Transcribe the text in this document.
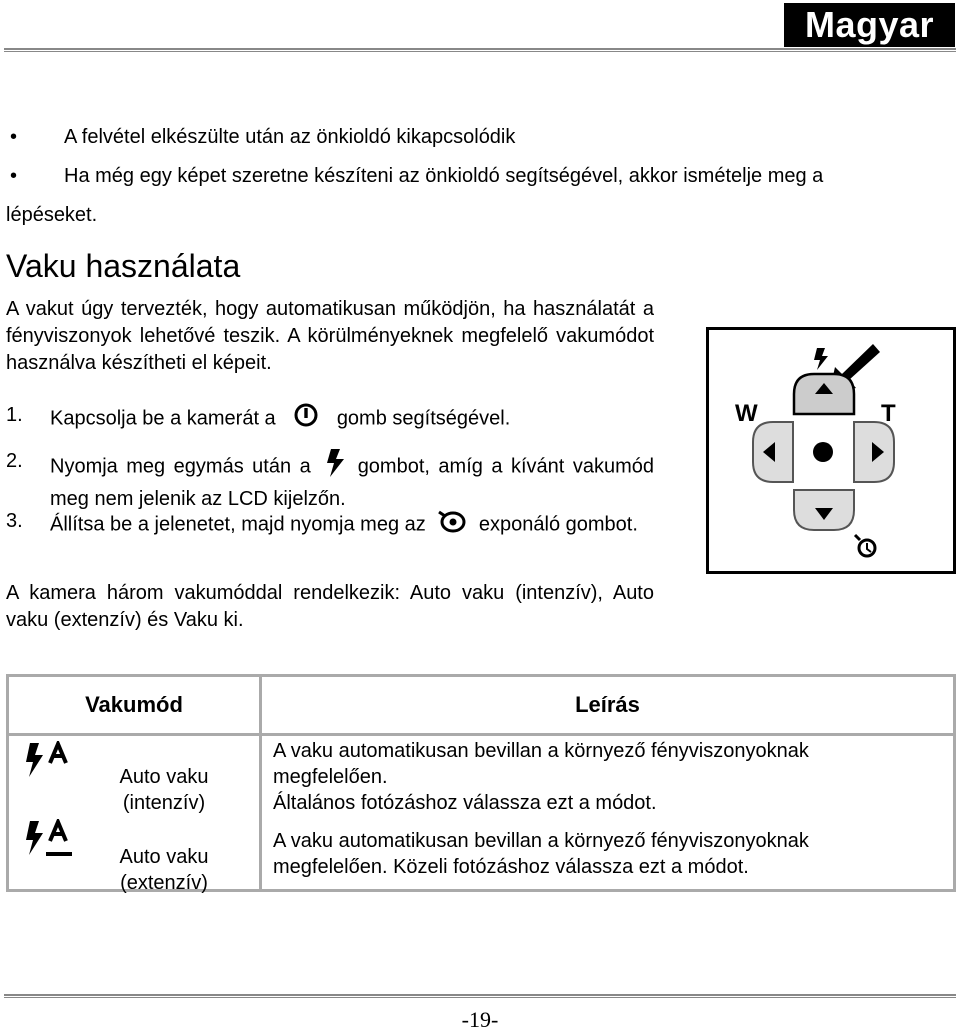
Magyar
• A felvétel elkészülte után az önkioldó kikapcsolódik
• Ha még egy képet szeretne készíteni az önkioldó segítségével, akkor ismételje meg a
lépéseket.
Vaku használata
A vakut úgy tervezték, hogy automatikusan működjön, ha használatát a fényviszonyok lehetővé teszik. A körülményeknek megfelelő vakumódot használva készítheti el képeit.
1. Kapcsolja be a kamerát a	gomb segítségével.
2. Nyomja meg egymás után a gombot, amíg a kívánt vakumód meg nem jelenik az LCD kijelzőn.
3. Állítsa be a jelenetet, majd nyomja meg az	exponáló gombot.
A kamera három vakumóddal rendelkezik: Auto vaku (intenzív), Auto vaku (extenzív) és Vaku ki.
W	T
Vakumód	Leírás
Auto vaku
(intenzív)
A vaku automatikusan bevillan a környező fényviszonyoknak
megfelelően.
Általános fotózáshoz válassza ezt a módot.
Auto vaku
(extenzív)
A vaku automatikusan bevillan a környező fényviszonyoknak
megfelelően. Közeli fotózáshoz válassza ezt a módot.
-19-
